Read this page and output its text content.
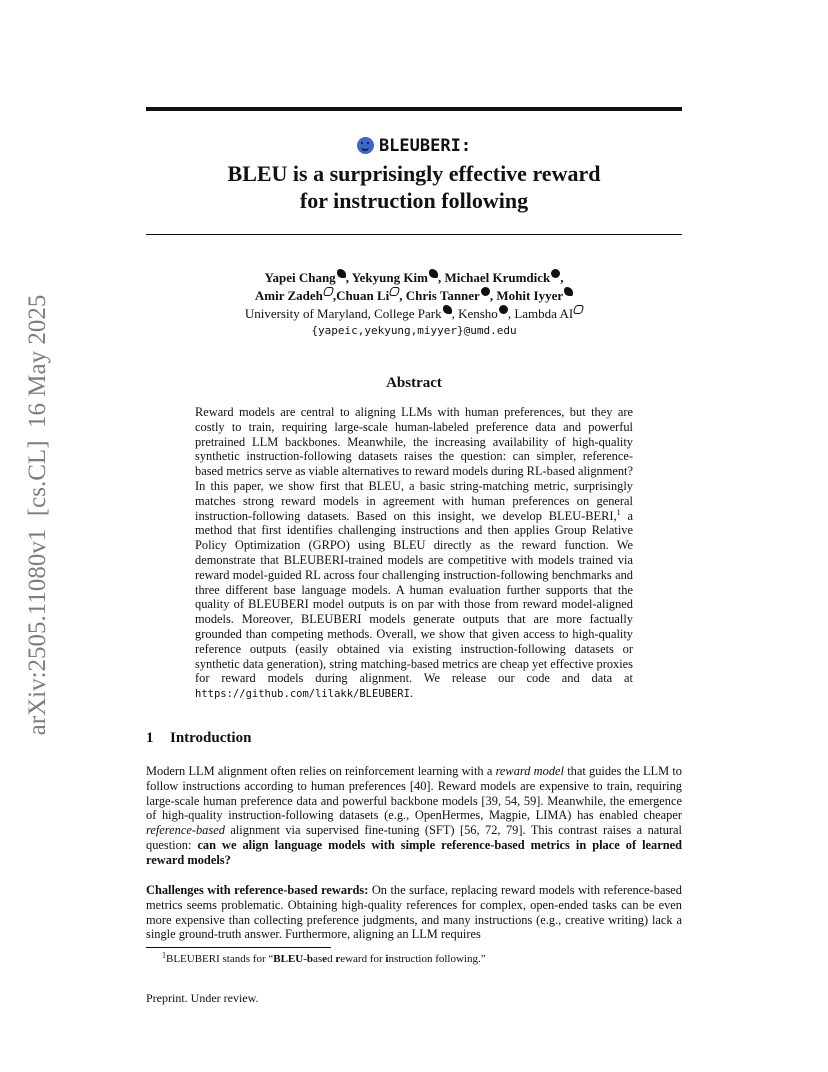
arXiv:2505.11080v1  [cs.CL]  16 May 2025
BLEUBERI:
BLEU is a surprisingly effective reward
for instruction following
Yapei Chang , Yekyung Kim , Michael Krumdick ,
Amir Zadeh ,Chuan Li , Chris Tanner , Mohit Iyyer
University of Maryland, College Park , Kensho , Lambda AI
{yapeic,yekyung,miyyer}@umd.edu
Abstract
Reward models are central to aligning LLMs with human preferences, but they are costly to train, requiring large-scale human-labeled preference data and powerful pretrained LLM backbones. Meanwhile, the increasing availability of high-quality synthetic instruction-following datasets raises the question: can simpler, reference-based metrics serve as viable alternatives to reward models during RL-based alignment? In this paper, we show first that BLEU, a basic string-matching metric, surprisingly matches strong reward models in agreement with human preferences on general instruction-following datasets. Based on this insight, we develop BLEU-BERI,$^1$ a method that first identifies challenging instructions and then applies Group Relative Policy Optimization (GRPO) using BLEU directly as the reward function. We demonstrate that BLEUBERI-trained models are competitive with models trained via reward model-guided RL across four challenging instruction-following benchmarks and three different base language models. A human evaluation further supports that the quality of BLEUBERI model outputs is on par with those from reward model-aligned models. Moreover, BLEUBERI models generate outputs that are more factually grounded than competing methods. Overall, we show that given access to high-quality reference outputs (easily obtained via existing instruction-following datasets or synthetic data generation), string matching-based metrics are cheap yet effective proxies for reward models during alignment. We release our code and data at https://github.com/lilakk/BLEUBERI.
1 Introduction
Modern LLM alignment often relies on reinforcement learning with a reward model that guides the LLM to follow instructions according to human preferences [40]. Reward models are expensive to train, requiring large-scale human preference data and powerful backbone models [39, 54, 59]. Meanwhile, the emergence of high-quality instruction-following datasets (e.g., OpenHermes, Magpie, LIMA) has enabled cheaper reference-based alignment via supervised fine-tuning (SFT) [56, 72, 79]. This contrast raises a natural question: can we align language models with simple reference-based metrics in place of learned reward models?
Challenges with reference-based rewards: On the surface, replacing reward models with reference-based metrics seems problematic. Obtaining high-quality references for complex, open-ended tasks can be even more expensive than collecting preference judgments, and many instructions (e.g., creative writing) lack a single ground-truth answer. Furthermore, aligning an LLM requires
$^1$BLEUBERI stands for “BLEU-based reward for instruction following.”
Preprint. Under review.
